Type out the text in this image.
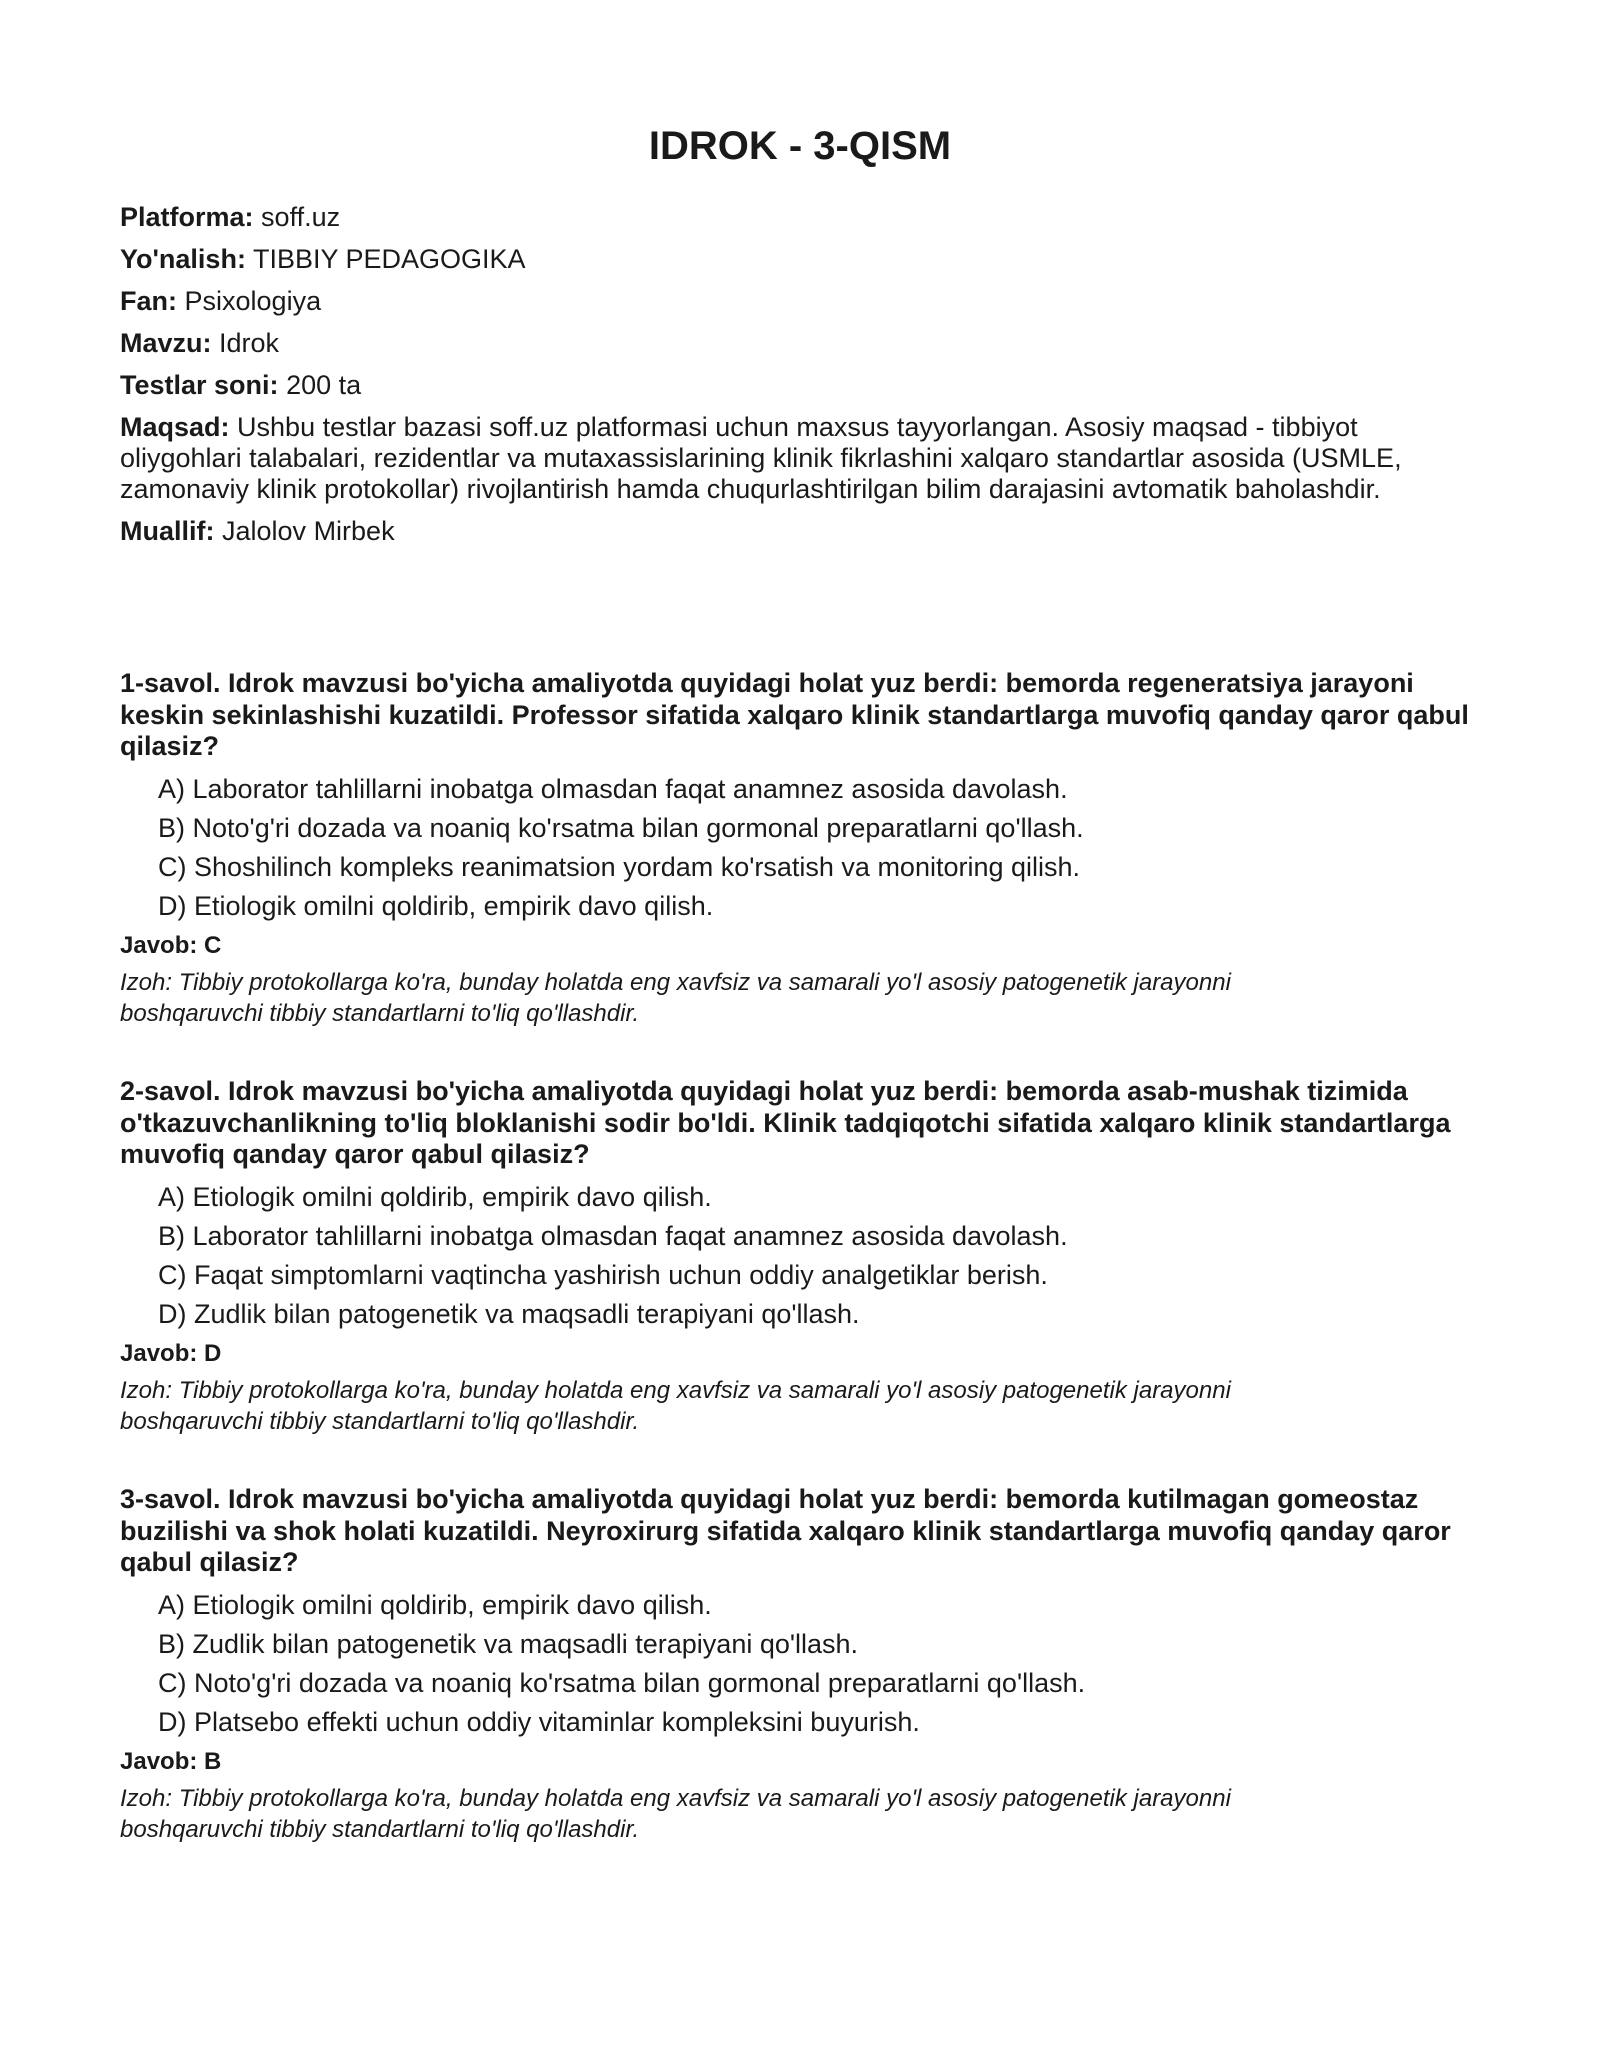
IDROK - 3-QISM
Platforma: soff.uz
Yo'nalish: TIBBIY PEDAGOGIKA
Fan: Psixologiya
Mavzu: Idrok
Testlar soni: 200 ta
Maqsad: Ushbu testlar bazasi soff.uz platformasi uchun maxsus tayyorlangan. Asosiy maqsad - tibbiyot oliygohlari talabalari, rezidentlar va mutaxassislarining klinik fikrlashini xalqaro standartlar asosida (USMLE, zamonaviy klinik protokollar) rivojlantirish hamda chuqurlashtirilgan bilim darajasini avtomatik baholashdir.
Muallif: Jalolov Mirbek

1-savol. Idrok mavzusi bo'yicha amaliyotda quyidagi holat yuz berdi: bemorda regeneratsiya jarayoni keskin sekinlashishi kuzatildi. Professor sifatida xalqaro klinik standartlarga muvofiq qanday qaror qabul qilasiz?

A) Laborator tahlillarni inobatga olmasdan faqat anamnez asosida davolash.
B) Noto'g'ri dozada va noaniq ko'rsatma bilan gormonal preparatlarni qo'llash.
C) Shoshilinch kompleks reanimatsion yordam ko'rsatish va monitoring qilish.
D) Etiologik omilni qoldirib, empirik davo qilish.
Javob: C

Izoh: Tibbiy protokollarga ko'ra, bunday holatda eng xavfsiz va samarali yo'l asosiy patogenetik jarayonni boshqaruvchi tibbiy standartlarni to'liq qo'llashdir.

2-savol. Idrok mavzusi bo'yicha amaliyotda quyidagi holat yuz berdi: bemorda asab-mushak tizimida o'tkazuvchanlikning to'liq bloklanishi sodir bo'ldi. Klinik tadqiqotchi sifatida xalqaro klinik standartlarga muvofiq qanday qaror qabul qilasiz?

A) Etiologik omilni qoldirib, empirik davo qilish.
B) Laborator tahlillarni inobatga olmasdan faqat anamnez asosida davolash.
C) Faqat simptomlarni vaqtincha yashirish uchun oddiy analgetiklar berish.
D) Zudlik bilan patogenetik va maqsadli terapiyani qo'llash.
Javob: D

Izoh: Tibbiy protokollarga ko'ra, bunday holatda eng xavfsiz va samarali yo'l asosiy patogenetik jarayonni boshqaruvchi tibbiy standartlarni to'liq qo'llashdir.

3-savol. Idrok mavzusi bo'yicha amaliyotda quyidagi holat yuz berdi: bemorda kutilmagan gomeostaz buzilishi va shok holati kuzatildi. Neyroxirurg sifatida xalqaro klinik standartlarga muvofiq qanday qaror qabul qilasiz?

A) Etiologik omilni qoldirib, empirik davo qilish.
B) Zudlik bilan patogenetik va maqsadli terapiyani qo'llash.
C) Noto'g'ri dozada va noaniq ko'rsatma bilan gormonal preparatlarni qo'llash.
D) Platsebo effekti uchun oddiy vitaminlar kompleksini buyurish.
Javob: B

Izoh: Tibbiy protokollarga ko'ra, bunday holatda eng xavfsiz va samarali yo'l asosiy patogenetik jarayonni boshqaruvchi tibbiy standartlarni to'liq qo'llashdir.
